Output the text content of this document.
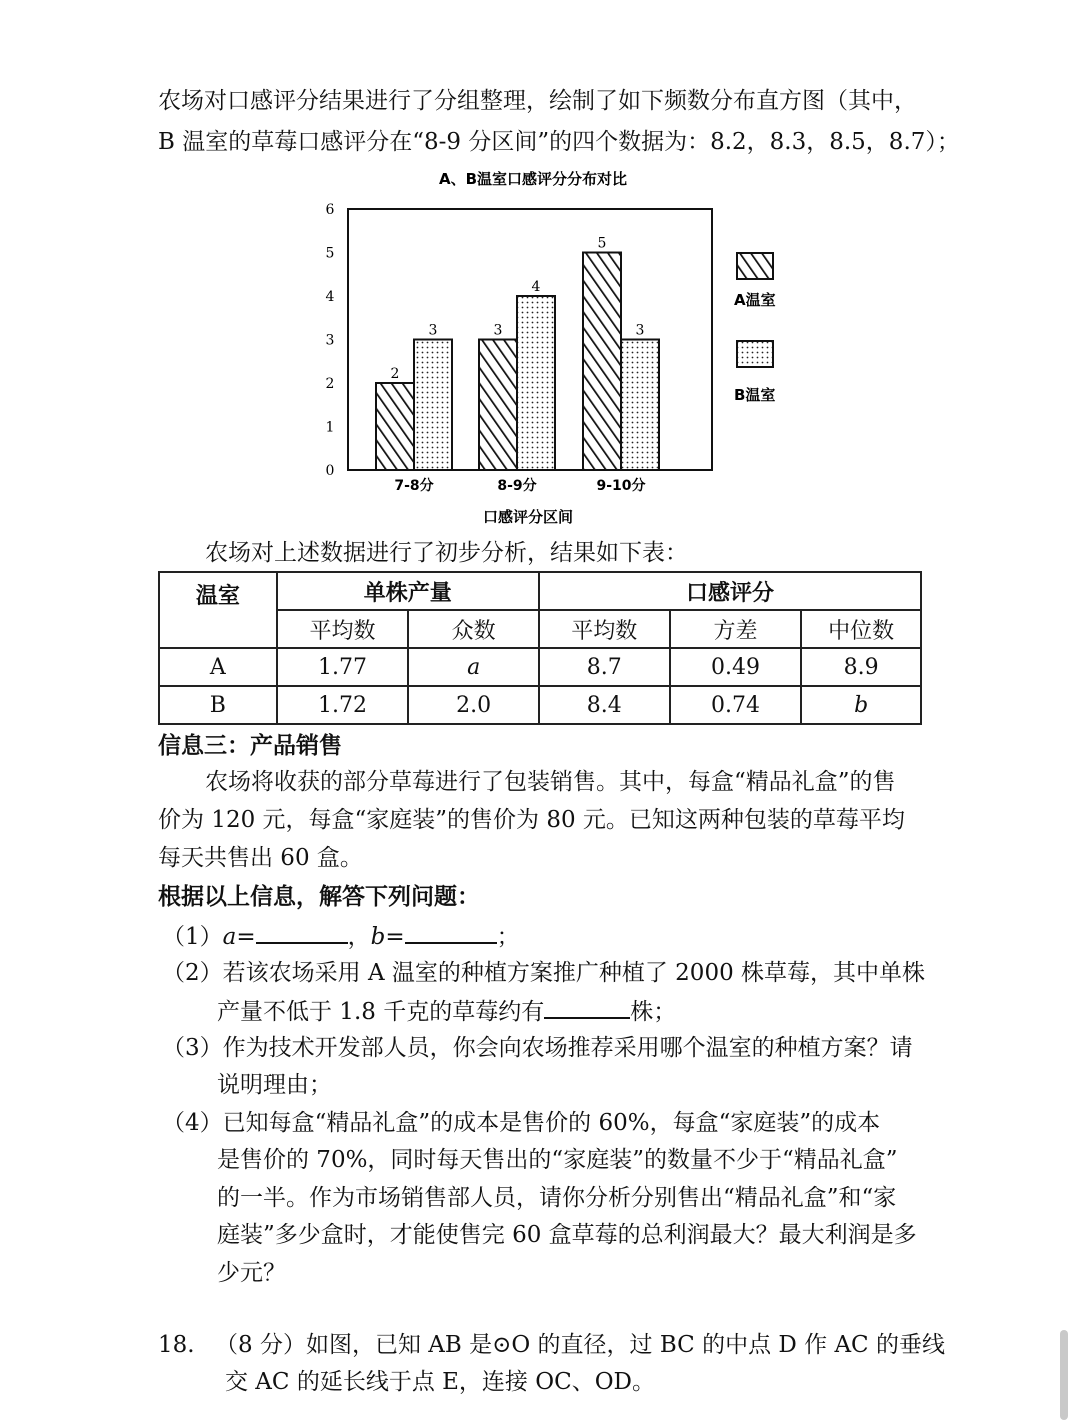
农场对口感评分结果进行了分组整理，绘制了如下频数分布直方图（其中，
B 温室的草莓口感评分在“8-9 分区间”的四个数据为：8.2，8.3，8.5，8.7）；
A、B温室口感评分分布对比
0
1
2
3
4
5
6
2
3	3
4
5
3
7-8分	8-9分	9-10分
口感评分区间
A温室
B温室
农场对上述数据进行了初步分析，结果如下表：
温室	单株产量		口感评分		
	平均数	众数	平均数	方差	中位数
A	1.77	a	8.7	0.49	8.9
B	1.72	2.0	8.4	0.74	b
信息三：产品销售
农场将收获的部分草莓进行了包装销售。其中，每盒“精品礼盒”的售
价为 120 元，每盒“家庭装”的售价为 80 元。已知这两种包装的草莓平均
每天共售出 60 盒。
根据以上信息，解答下列问题：
（1）a=	，b=	；
（2）若该农场采用 A 温室的种植方案推广种植了 2000 株草莓，其中单株
产量不低于 1.8 千克的草莓约有	株；
（3）作为技术开发部人员，你会向农场推荐采用哪个温室的种植方案？请
说明理由；
（4）已知每盒“精品礼盒”的成本是售价的 60%，每盒“家庭装”的成本
是售价的 70%，同时每天售出的“家庭装”的数量不少于“精品礼盒”
的一半。作为市场销售部人员，请你分析分别售出“精品礼盒”和“家
庭装”多少盒时，才能使售完 60 盒草莓的总利润最大？最大利润是多
少元？
18. （8 分）如图，已知 AB 是⊙O 的直径，过 BC 的中点 D 作 AC 的垂线
交 AC 的延长线于点 E，连接 OC、OD。
